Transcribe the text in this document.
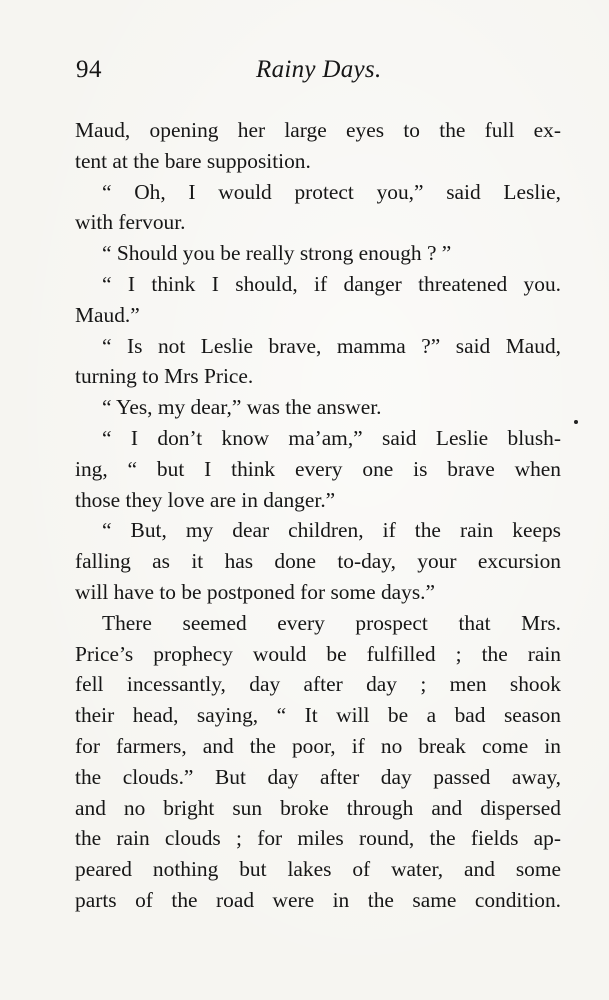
94	Rainy Days.
Maud, opening her large eyes to the full ex-
tent at the bare supposition.
“ Oh, I would protect you,” said Leslie,
with fervour.
“ Should you be really strong enough ? ”
“ I think I should, if danger threatened you.
Maud.”
“ Is not Leslie brave, mamma ?” said Maud,
turning to Mrs Price.
“ Yes, my dear,” was the answer.
“ I don’t know ma’am,” said Leslie blush-
ing, “ but I think every one is brave when
those they love are in danger.”
“ But, my dear children, if the rain keeps
falling as it has done to-day, your excursion
will have to be postponed for some days.”
There seemed every prospect that Mrs.
Price’s prophecy would be fulfilled ; the rain
fell incessantly, day after day ; men shook
their head, saying, “ It will be a bad season
for farmers, and the poor, if no break come in
the clouds.” But day after day passed away,
and no bright sun broke through and dispersed
the rain clouds ; for miles round, the fields ap-
peared nothing but lakes of water, and some
parts of the road were in the same condition.
